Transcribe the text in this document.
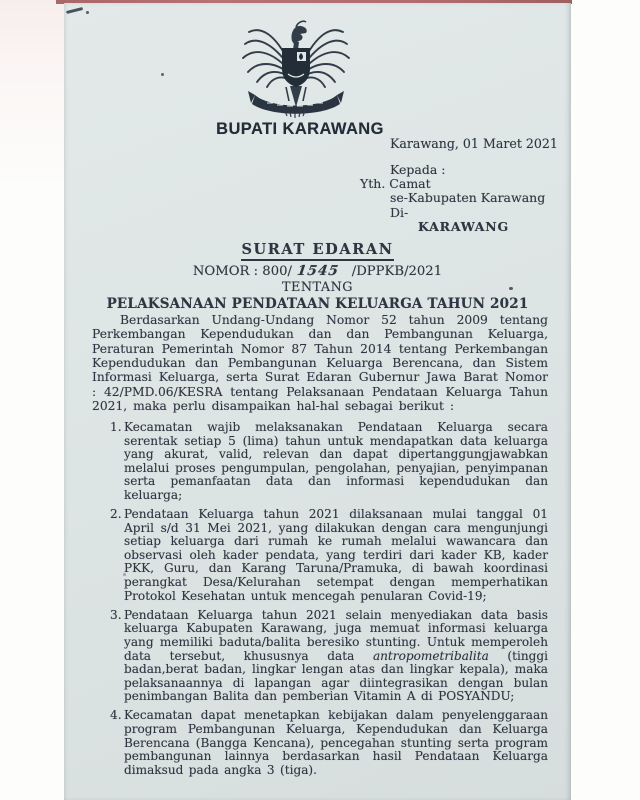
BUPATI KARAWANG
Karawang, 01 Maret 2021
Kepada :
Yth. Camat
se-Kabupaten Karawang
Di-
KARAWANG
SURAT EDARAN
NOMOR : 800/ 1545 /DPPKB/2021
TENTANG
PELAKSANAAN PENDATAAN KELUARGA TAHUN 2021

Berdasarkan Undang-Undang Nomor 52 tahun 2009 tentang Perkembangan Kependudukan dan dan Pembangunan Keluarga, Peraturan Pemerintah Nomor 87 Tahun 2014 tentang Perkembangan Kependudukan dan Pembangunan Keluarga Berencana, dan Sistem Informasi Keluarga, serta Surat Edaran Gubernur Jawa Barat Nomor : 42/PMD.06/KESRA tentang Pelaksanaan Pendataan Keluarga Tahun 2021, maka perlu disampaikan hal-hal sebagai berikut :

1. Kecamatan wajib melaksanakan Pendataan Keluarga secara serentak setiap 5 (lima) tahun untuk mendapatkan data keluarga yang akurat, valid, relevan dan dapat dipertanggungjawabkan melalui proses pengumpulan, pengolahan, penyajian, penyimpanan serta pemanfaatan data dan informasi kependudukan dan keluarga;
2. Pendataan Keluarga tahun 2021 dilaksanaan mulai tanggal 01 April s/d 31 Mei 2021, yang dilakukan dengan cara mengunjungi setiap keluarga dari rumah ke rumah melalui wawancara dan observasi oleh kader pendata, yang terdiri dari kader KB, kader PKK, Guru, dan Karang Taruna/Pramuka, di bawah koordinasi perangkat Desa/Kelurahan setempat dengan memperhatikan Protokol Kesehatan untuk mencegah penularan Covid-19;
3. Pendataan Keluarga tahun 2021 selain menyediakan data basis keluarga Kabupaten Karawang, juga memuat informasi keluarga yang memiliki baduta/balita beresiko stunting. Untuk memperoleh data tersebut, khususnya data antropometribalita (tinggi badan,berat badan, lingkar lengan atas dan lingkar kepala), maka pelaksanaannya di lapangan agar diintegrasikan dengan bulan penimbangan Balita dan pemberian Vitamin A di POSYANDU;
4. Kecamatan dapat menetapkan kebijakan dalam penyelenggaraan program Pembangunan Keluarga, Kependudukan dan Keluarga Berencana (Bangga Kencana), pencegahan stunting serta program pembangunan lainnya berdasarkan hasil Pendataan Keluarga dimaksud pada angka 3 (tiga).
